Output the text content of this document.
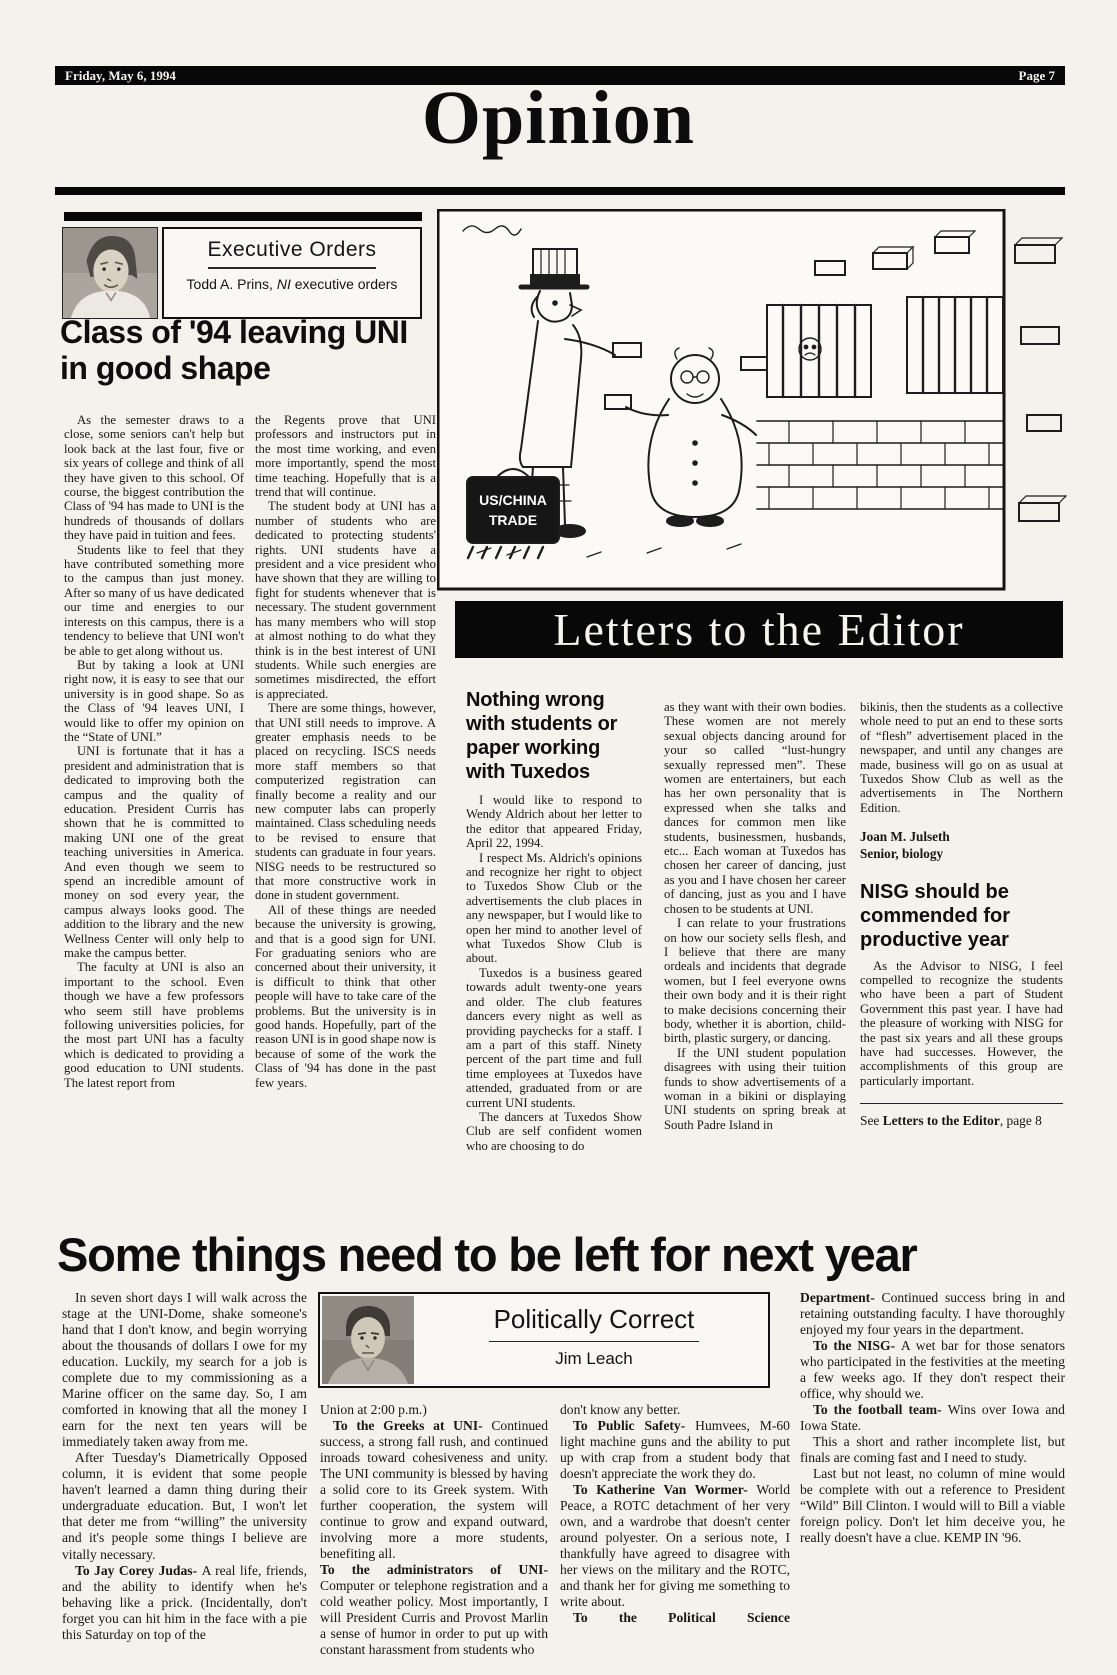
Friday, May 6, 1994	Page 7
Opinion
Executive Orders
Todd A. Prins, NI executive orders
Class of '94 leaving UNI in good shape

As the semester draws to a close, some seniors can't help but look back at the last four, five or six years of college and think of all they have given to this school. Of course, the biggest contribution the Class of '94 has made to UNI is the hundreds of thousands of dollars they have paid in tuition and fees.

Students like to feel that they have contributed something more to the campus than just money. After so many of us have dedicated our time and energies to our interests on this campus, there is a tendency to believe that UNI won't be able to get along without us.

But by taking a look at UNI right now, it is easy to see that our university is in good shape. So as the Class of '94 leaves UNI, I would like to offer my opinion on the “State of UNI.”

UNI is fortunate that it has a president and administration that is dedicated to improving both the campus and the quality of education. President Curris has shown that he is committed to making UNI one of the great teaching universities in America. And even though we seem to spend an incredible amount of money on sod every year, the campus always looks good. The addition to the library and the new Wellness Center will only help to make the campus better.

The faculty at UNI is also an important to the school. Even though we have a few professors who seem still have problems following universities policies, for the most part UNI has a faculty which is dedicated to providing a good education to UNI students. The latest report from

the Regents prove that UNI professors and instructors put in the most time working, and even more importantly, spend the most time teaching. Hopefully that is a trend that will continue.

The student body at UNI has a number of students who are dedicated to protecting students' rights. UNI students have a president and a vice president who have shown that they are willing to fight for students whenever that is necessary. The student government has many members who will stop at almost nothing to do what they think is in the best interest of UNI students. While such energies are sometimes misdirected, the effort is appreciated.

There are some things, however, that UNI still needs to improve. A greater emphasis needs to be placed on recycling. ISCS needs more staff members so that computerized registration can finally become a reality and our new computer labs can properly maintained. Class scheduling needs to be revised to ensure that students can graduate in four years. NISG needs to be restructured so that more constructive work in done in student government.

All of these things are needed because the university is growing, and that is a good sign for UNI. For graduating seniors who are concerned about their university, it is difficult to think that other people will have to take care of the problems. But the university is in good hands. Hopefully, part of the reason UNI is in good shape now is because of some of the work the Class of '94 has done in the past few years.

US/CHINA
TRADE
Letters to the Editor
Nothing wrong with students or paper working with Tuxedos

I would like to respond to Wendy Aldrich about her letter to the editor that appeared Friday, April 22, 1994.

I respect Ms. Aldrich's opinions and recognize her right to object to Tuxedos Show Club or the advertisements the club places in any newspaper, but I would like to open her mind to another level of what Tuxedos Show Club is about.

Tuxedos is a business geared towards adult twenty-one years and older. The club features dancers every night as well as providing paychecks for a staff. I am a part of this staff. Ninety percent of the part time and full time employees at Tuxedos have attended, graduated from or are current UNI students.

The dancers at Tuxedos Show Club are self confident women who are choosing to do

as they want with their own bodies. These women are not merely sexual objects dancing around for your so called “lust-hungry sexually repressed men”. These women are entertainers, but each has her own personality that is expressed when she talks and dances for common men like students, businessmen, husbands, etc... Each woman at Tuxedos has chosen her career of dancing, just as you and I have chosen her career of dancing, just as you and I have chosen to be students at UNI.

I can relate to your frustrations on how our society sells flesh, and I believe that there are many ordeals and incidents that degrade women, but I feel everyone owns their own body and it is their right to make decisions concerning their body, whether it is abortion, child-birth, plastic surgery, or dancing.

If the UNI student population disagrees with using their tuition funds to show advertisements of a woman in a bikini or displaying UNI students on spring break at South Padre Island in

bikinis, then the students as a collective whole need to put an end to these sorts of “flesh” advertisement placed in the newspaper, and until any changes are made, business will go on as usual at Tuxedos Show Club as well as the advertisements in The Northern Edition.

Joan M. Julseth
Senior, biology
NISG should be commended for productive year

As the Advisor to NISG, I feel compelled to recognize the students who have been a part of Student Government this past year. I have had the pleasure of working with NISG for the past six years and all these groups have had successes. However, the accomplishments of this group are particularly important.

See Letters to the Editor, page 8
Some things need to be left for next year

In seven short days I will walk across the stage at the UNI-Dome, shake someone's hand that I don't know, and begin worrying about the thousands of dollars I owe for my education. Luckily, my search for a job is complete due to my commissioning as a Marine officer on the same day. So, I am comforted in knowing that all the money I earn for the next ten years will be immediately taken away from me.

After Tuesday's Diametrically Opposed column, it is evident that some people haven't learned a damn thing during their undergraduate education. But, I won't let that deter me from “willing” the university and it's people some things I believe are vitally necessary.

To Jay Corey Judas- A real life, friends, and the ability to identify when he's behaving like a prick. (Incidentally, don't forget you can hit him in the face with a pie this Saturday on top of the

Politically Correct
Jim Leach

Union at 2:00 p.m.)

To the Greeks at UNI- Continued success, a strong fall rush, and continued inroads toward cohesiveness and unity. The UNI community is blessed by having a solid core to its Greek system. With further cooperation, the system will continue to grow and expand outward, involving more a more students, benefiting all.

To the administrators of UNI- Computer or telephone registration and a cold weather policy. Most importantly, I will President Curris and Provost Marlin a sense of humor in order to put up with constant harassment from students who

don't know any better.

To Public Safety- Humvees, M-60 light machine guns and the ability to put up with crap from a student body that doesn't appreciate the work they do.

To Katherine Van Wormer- World Peace, a ROTC detachment of her very own, and a wardrobe that doesn't center around polyester. On a serious note, I thankfully have agreed to disagree with her views on the military and the ROTC, and thank her for giving me something to write about.

To the Political Science

Department- Continued success bring in and retaining outstanding faculty. I have thoroughly enjoyed my four years in the department.

To the NISG- A wet bar for those senators who participated in the festivities at the meeting a few weeks ago. If they don't respect their office, why should we.

To the football team- Wins over Iowa and Iowa State.

This a short and rather incomplete list, but finals are coming fast and I need to study.

Last but not least, no column of mine would be complete with out a reference to President “Wild” Bill Clinton. I would will to Bill a viable foreign policy. Don't let him deceive you, he really doesn't have a clue. KEMP IN '96.
